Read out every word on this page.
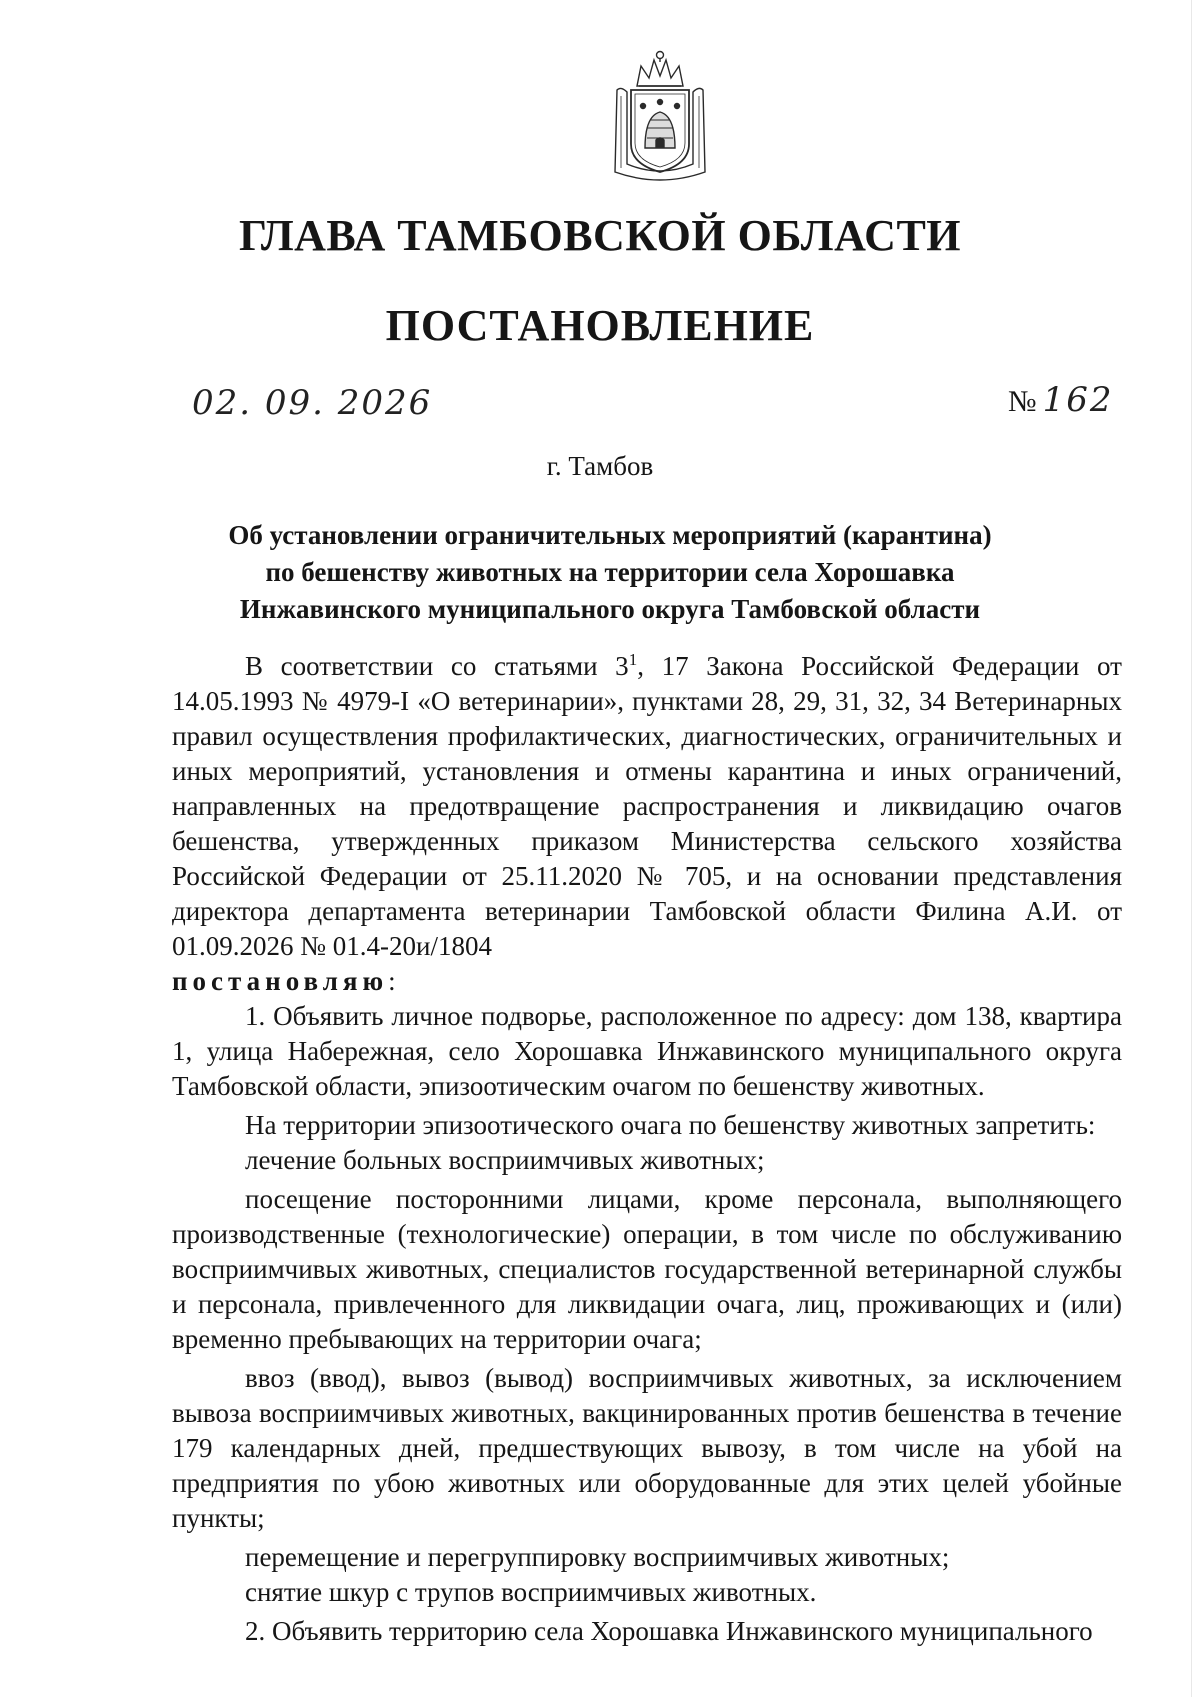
ГЛАВА ТАМБОВСКОЙ ОБЛАСТИ
ПОСТАНОВЛЕНИЕ
02. 09. 2026	№ 162
г. Тамбов
Об установлении ограничительных мероприятий (карантина)
по бешенству животных на территории села Хорошавка
Инжавинского муниципального округа Тамбовской области

В соответствии со статьями $3^1$, 17 Закона Российской Федерации от 14.05.1993 № 4979-I «О ветеринарии», пунктами 28, 29, 31, 32, 34 Ветеринарных правил осуществления профилактических, диагностических, ограничительных и иных мероприятий, установления и отмены карантина и иных ограничений, направленных на предотвращение распространения и ликвидацию очагов бешенства, утвержденных приказом Министерства сельского хозяйства Российской Федерации от 25.11.2020 № 705, и на основании представления директора департамента ветеринарии Тамбовской области Филина А.И. от 01.09.2026 № 01.4-20и/1804

постановляю:

1. Объявить личное подворье, расположенное по адресу: дом 138, квартира 1, улица Набережная, село Хорошавка Инжавинского муниципального округа Тамбовской области, эпизоотическим очагом по бешенству животных.

На территории эпизоотического очага по бешенству животных запретить:

лечение больных восприимчивых животных;

посещение посторонними лицами, кроме персонала, выполняющего производственные (технологические) операции, в том числе по обслуживанию восприимчивых животных, специалистов государственной ветеринарной службы и персонала, привлеченного для ликвидации очага, лиц, проживающих и (или) временно пребывающих на территории очага;

ввоз (ввод), вывоз (вывод) восприимчивых животных, за исключением вывоза восприимчивых животных, вакцинированных против бешенства в течение 179 календарных дней, предшествующих вывозу, в том числе на убой на предприятия по убою животных или оборудованные для этих целей убойные пункты;

перемещение и перегруппировку восприимчивых животных;

снятие шкур с трупов восприимчивых животных.

2. Объявить территорию села Хорошавка Инжавинского муниципального
